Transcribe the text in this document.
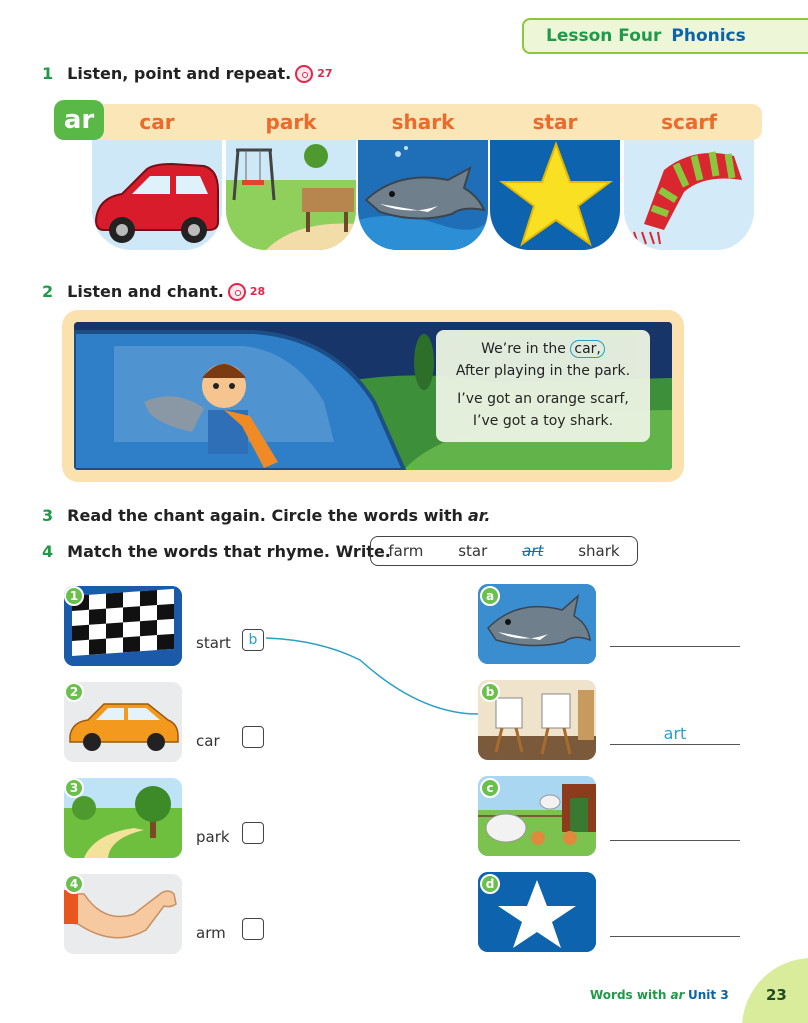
Lesson Four Phonics
1 Listen, point and repeat. 27
ar	car	park	shark	star	scarf
2 Listen and chant. 28
We’re in the car,
After playing in the park.
I’ve got an orange scarf,
I’ve got a toy shark.
3 Read the chant again. Circle the words with ar.
4 Match the words that rhyme. Write.
farm star art shark
1
start	b
2
car
3
park
4
arm
a
b
art
c
d
Words with ar Unit 3 23
